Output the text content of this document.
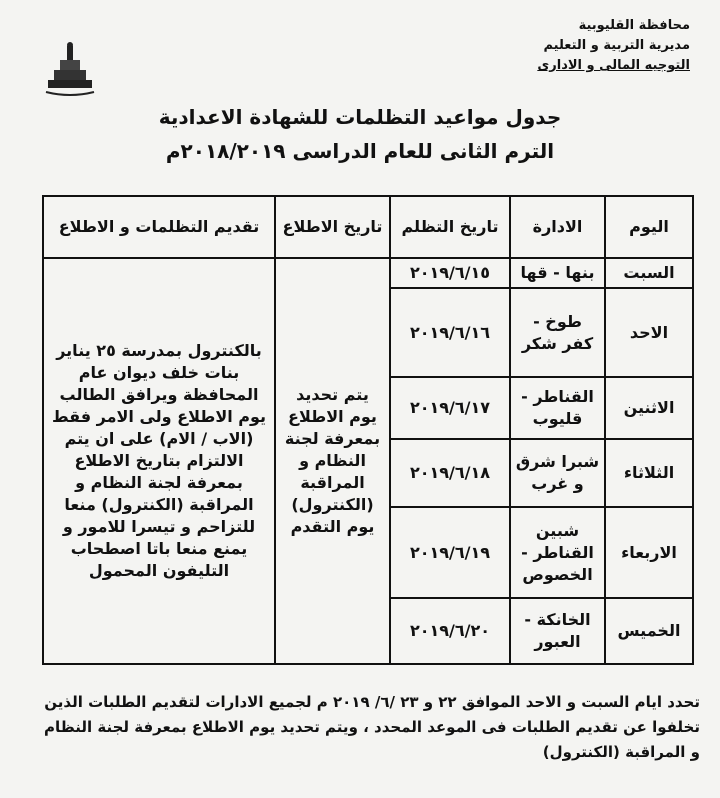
محافظة القليوبية
مديرية التربية و التعليم
التوجيه المالى و الادارى
جدول مواعيد التظلمات للشهادة الاعدادية
الترم الثانى للعام الدراسى ٢٠١٨/٢٠١٩م
اليوم	الادارة	تاريخ التظلم	تاريخ الاطلاع	تقديم التظلمات و الاطلاع
السبت	بنها - قها	٢٠١٩/٦/١٥	يتم تحديد يوم الاطلاع بمعرفة لجنة النظام و المراقبة (الكنترول) يوم التقدم	بالكنترول بمدرسة ٢٥ يناير بنات خلف ديوان عام المحافظة ويرافق الطالب يوم الاطلاع ولى الامر فقط (الاب / الام) على ان يتم الالتزام بتاريخ الاطلاع بمعرفة لجنة النظام و المراقبة (الكنترول) منعا للتزاحم و تيسرا للامور و يمنع منعا باتا اصطحاب التليفون المحمول
الاحد	طوخ - كفر شكر	٢٠١٩/٦/١٦		
الاثنين	القناطر - قليوب	٢٠١٩/٦/١٧		
الثلاثاء	شبرا شرق و غرب	٢٠١٩/٦/١٨		
الاربعاء	شبين القناطر - الخصوص	٢٠١٩/٦/١٩		
الخميس	الخانكة - العبور	٢٠١٩/٦/٢٠		
تحدد ايام السبت و الاحد الموافق ٢٢ و ٢٣ /٦/ ٢٠١٩ م لجميع الادارات لتقديم الطلبات الذين تخلفوا عن تقديم الطلبات فى الموعد المحدد ، ويتم تحديد يوم الاطلاع بمعرفة لجنة النظام و المراقبة (الكنترول)
